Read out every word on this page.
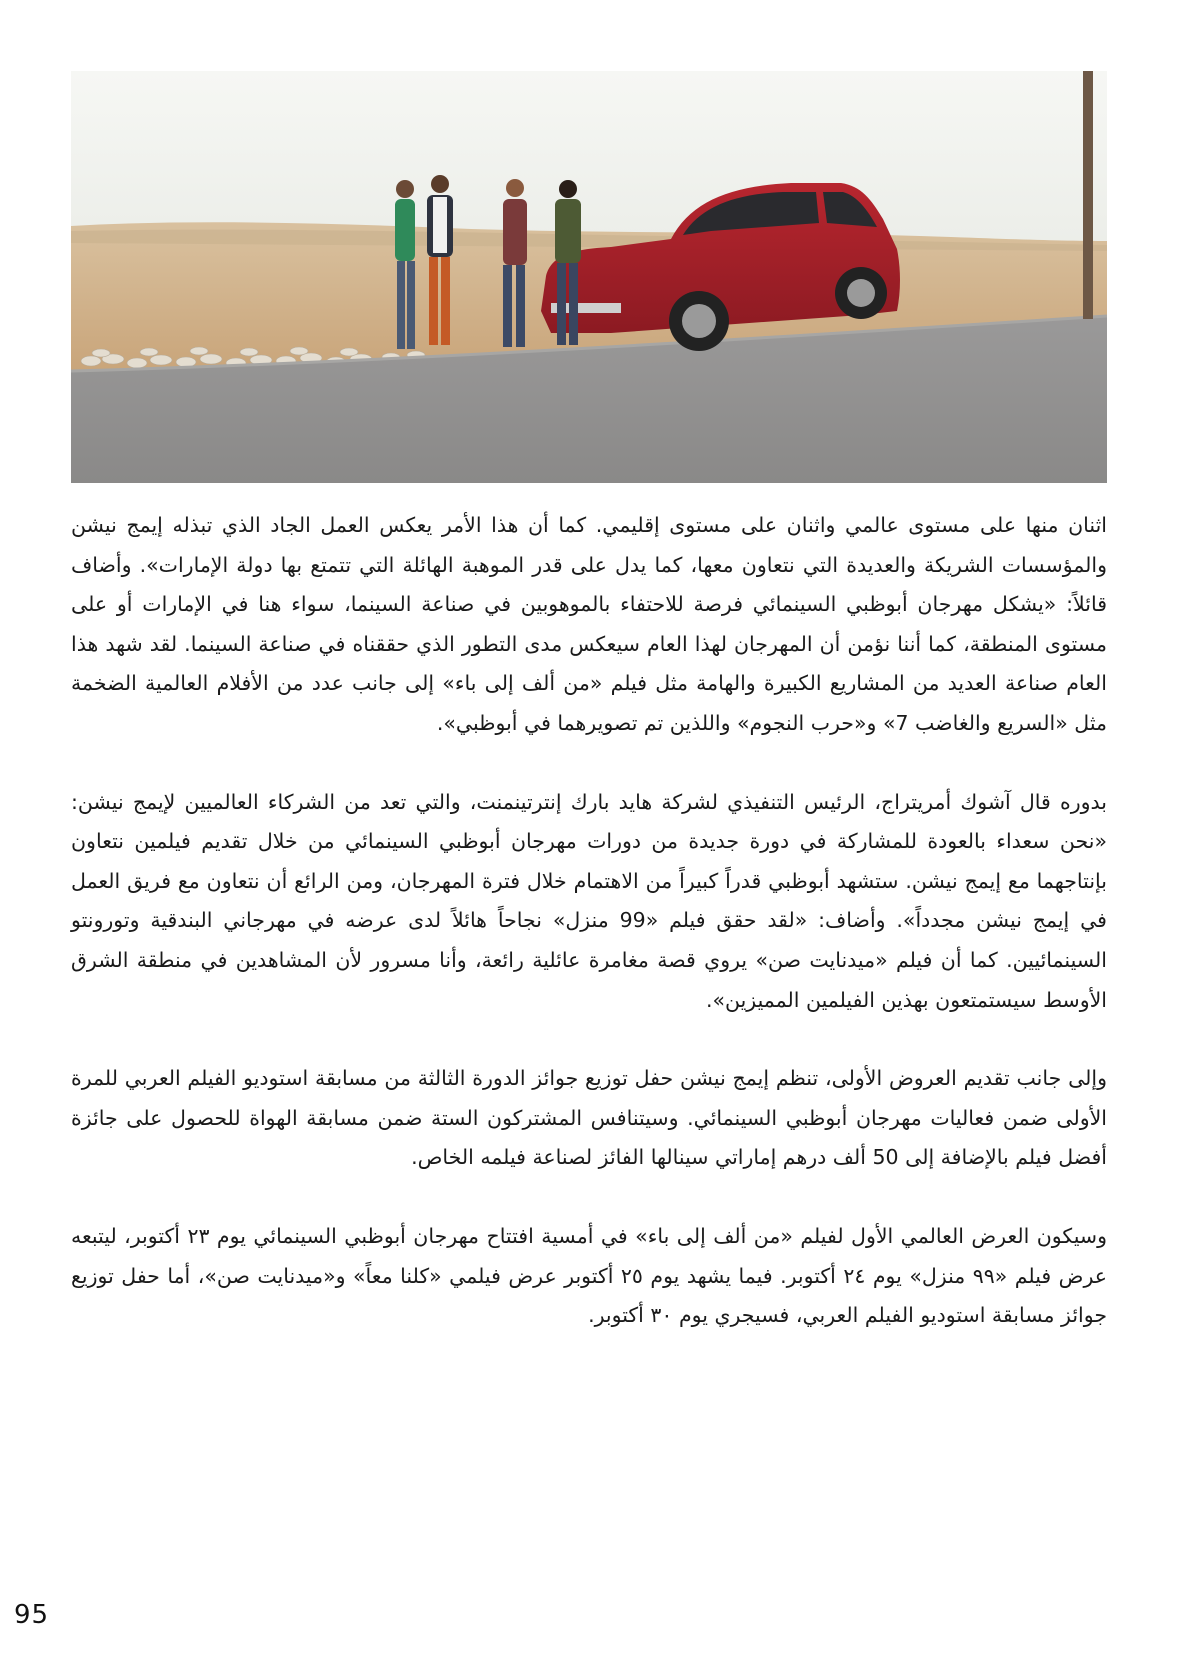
اثنان منها على مستوى عالمي واثنان على مستوى إقليمي. كما أن هذا الأمر يعكس العمل الجاد الذي تبذله إيمج نيشن والمؤسسات الشريكة والعديدة التي نتعاون معها، كما يدل على قدر الموهبة الهائلة التي تتمتع بها دولة الإمارات». وأضاف قائلاً: «يشكل مهرجان أبوظبي السينمائي فرصة للاحتفاء بالموهوبين في صناعة السينما، سواء هنا في الإمارات أو على مستوى المنطقة، كما أننا نؤمن أن المهرجان لهذا العام سيعكس مدى التطور الذي حققناه في صناعة السينما. لقد شهد هذا العام صناعة العديد من المشاريع الكبيرة والهامة مثل فيلم «من ألف إلى باء» إلى جانب عدد من الأفلام العالمية الضخمة مثل «السريع والغاضب 7» و«حرب النجوم» واللذين تم تصويرهما في أبوظبي».

بدوره قال آشوك أمريتراج، الرئيس التنفيذي لشركة هايد بارك إنترتينمنت، والتي تعد من الشركاء العالميين لإيمج نيشن: «نحن سعداء بالعودة للمشاركة في دورة جديدة من دورات مهرجان أبوظبي السينمائي من خلال تقديم فيلمين نتعاون بإنتاجهما مع إيمج نيشن. ستشهد أبوظبي قدراً كبيراً من الاهتمام خلال فترة المهرجان، ومن الرائع أن نتعاون مع فريق العمل في إيمج نيشن مجدداً». وأضاف: «لقد حقق فيلم «99 منزل» نجاحاً هائلاً لدى عرضه في مهرجاني البندقية وتورونتو السينمائيين. كما أن فيلم «ميدنايت صن» يروي قصة مغامرة عائلية رائعة، وأنا مسرور لأن المشاهدين في منطقة الشرق الأوسط سيستمتعون بهذين الفيلمين المميزين».

وإلى جانب تقديم العروض الأولى، تنظم إيمج نيشن حفل توزيع جوائز الدورة الثالثة من مسابقة استوديو الفيلم العربي للمرة الأولى ضمن فعاليات مهرجان أبوظبي السينمائي. وسيتنافس المشتركون الستة ضمن مسابقة الهواة للحصول على جائزة أفضل فيلم بالإضافة إلى 50 ألف درهم إماراتي سينالها الفائز لصناعة فيلمه الخاص.

وسيكون العرض العالمي الأول لفيلم «من ألف إلى باء» في أمسية افتتاح مهرجان أبوظبي السينمائي يوم ٢٣ أكتوبر، ليتبعه عرض فيلم «٩٩ منزل» يوم ٢٤ أكتوبر. فيما يشهد يوم ٢٥ أكتوبر عرض فيلمي «كلنا معاً» و«ميدنايت صن»، أما حفل توزيع جوائز مسابقة استوديو الفيلم العربي، فسيجري يوم ٣٠ أكتوبر.

95
